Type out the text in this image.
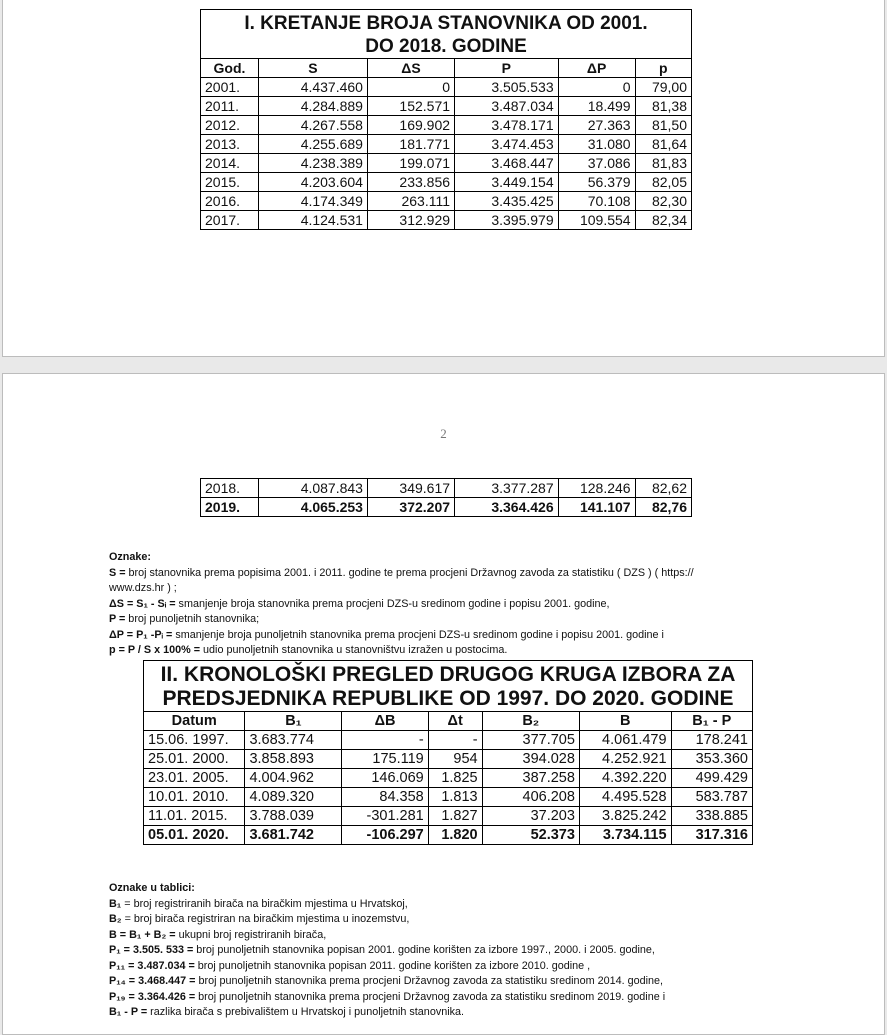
I. KRETANJE BROJA STANOVNIKA OD 2001.
DO 2018. GODINE					
God.	S	ΔS	P	ΔP	p
2001.	4.437.460	0	3.505.533	0	79,00
2011.	4.284.889	152.571	3.487.034	18.499	81,38
2012.	4.267.558	169.902	3.478.171	27.363	81,50
2013.	4.255.689	181.771	3.474.453	31.080	81,64
2014.	4.238.389	199.071	3.468.447	37.086	81,83
2015.	4.203.604	233.856	3.449.154	56.379	82,05
2016.	4.174.349	263.111	3.435.425	70.108	82,30
2017.	4.124.531	312.929	3.395.979	109.554	82,34
2
2018.	4.087.843	349.617	3.377.287	128.246	82,62
2019.	4.065.253	372.207	3.364.426	141.107	82,76

Oznake:

S = broj stanovnika prema popisima 2001. i 2011. godine te prema procjeni Državnog zavoda za statistiku ( DZS ) ( https://

www.dzs.hr ) ;

ΔS = S₁ - Sᵢ = smanjenje broja stanovnika prema procjeni DZS-u sredinom godine i popisu 2001. godine,

P = broj punoljetnih stanovnika;

ΔP = P₁ -Pᵢ = smanjenje broja punoljetnih stanovnika prema procjeni DZS-u sredinom godine i popisu 2001. godine i

p = P / S x 100% = udio punoljetnih stanovnika u stanovništvu izražen u postocima.

II. KRONOLOŠKI PREGLED DRUGOG KRUGA IZBORA ZA
PREDSJEDNIKA REPUBLIKE OD 1997. DO 2020. GODINE						
Datum	B₁	ΔB	Δt	B₂	B	B₁ - P
15.06. 1997.	3.683.774	-	-	377.705	4.061.479	178.241
25.01. 2000.	3.858.893	175.119	954	394.028	4.252.921	353.360
23.01. 2005.	4.004.962	146.069	1.825	387.258	4.392.220	499.429
10.01. 2010.	4.089.320	84.358	1.813	406.208	4.495.528	583.787
11.01. 2015.	3.788.039	-301.281	1.827	37.203	3.825.242	338.885
05.01. 2020.	3.681.742	-106.297	1.820	52.373	3.734.115	317.316

Oznake u tablici:

B₁ = broj registriranih birača na biračkim mjestima u Hrvatskoj,

B₂ = broj birača registriran na biračkim mjestima u inozemstvu,

B = B₁ + B₂ = ukupni broj registriranih birača,

P₁ = 3.505. 533 = broj punoljetnih stanovnika popisan 2001. godine korišten za izbore 1997., 2000. i 2005. godine,

P₁₁ = 3.487.034 = broj punoljetnih stanovnika popisan 2011. godine korišten za izbore 2010. godine ,

P₁₄ = 3.468.447 = broj punoljetnih stanovnika prema procjeni Državnog zavoda za statistiku sredinom 2014. godine,

P₁₉ = 3.364.426 = broj punoljetnih stanovnika prema procjeni Državnog zavoda za statistiku sredinom 2019. godine i

B₁ - P = razlika birača s prebivalištem u Hrvatskoj i punoljetnih stanovnika.
